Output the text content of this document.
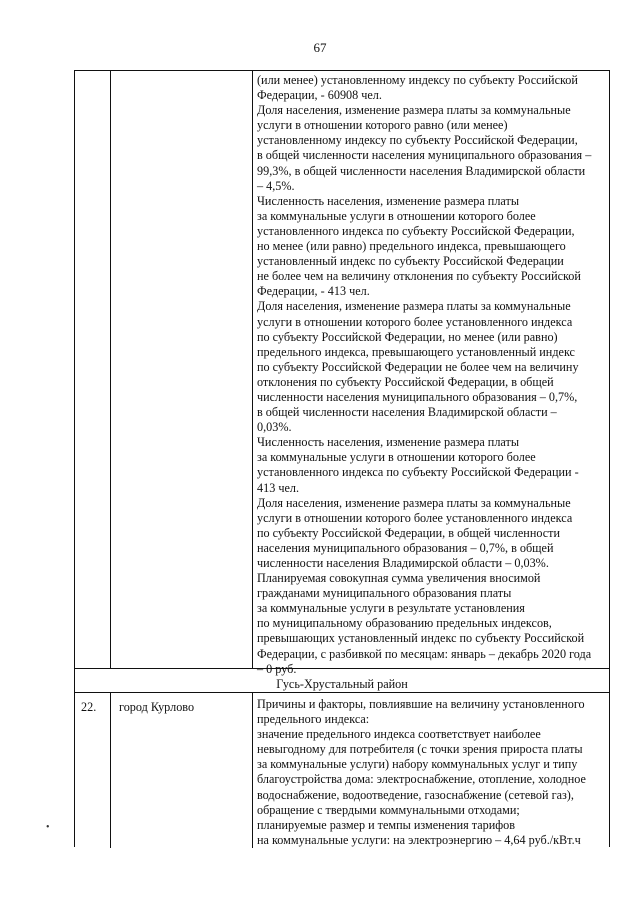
67
(или менее) установленному индексу по субъекту Российской
Федерации, - 60908 чел.
Доля населения, изменение размера платы за коммунальные
услуги в отношении которого равно (или менее)
установленному индексу по субъекту Российской Федерации,
в общей численности населения муниципального образования –
99,3%, в общей численности населения Владимирской области
– 4,5%.
Численность населения, изменение размера платы
за коммунальные услуги в отношении которого более
установленного индекса по субъекту Российской Федерации,
но менее (или равно) предельного индекса, превышающего
установленный индекс по субъекту Российской Федерации
не более чем на величину отклонения по субъекту Российской
Федерации, - 413 чел.
Доля населения, изменение размера платы за коммунальные
услуги в отношении которого более установленного индекса
по субъекту Российской Федерации, но менее (или равно)
предельного индекса, превышающего установленный индекс
по субъекту Российской Федерации не более чем на величину
отклонения по субъекту Российской Федерации, в общей
численности населения муниципального образования – 0,7%,
в общей численности населения Владимирской области –
0,03%.
Численность населения, изменение размера платы
за коммунальные услуги в отношении которого более
установленного индекса по субъекту Российской Федерации -
413 чел.
Доля населения, изменение размера платы за коммунальные
услуги в отношении которого более установленного индекса
по субъекту Российской Федерации, в общей численности
населения муниципального образования – 0,7%, в общей
численности населения Владимирской области – 0,03%.
Планируемая совокупная сумма увеличения вносимой
гражданами муниципального образования платы
за коммунальные услуги в результате установления
по муниципальному образованию предельных индексов,
превышающих установленный индекс по субъекту Российской
Федерации, с разбивкой по месяцам: январь – декабрь 2020 года
– 0 руб.
Гусь-Хрустальный район
22. город Курлово	Причины и факторы, повлиявшие на величину установленного
предельного индекса:
значение предельного индекса соответствует наиболее
невыгодному для потребителя (с точки зрения прироста платы
за коммунальные услуги) набору коммунальных услуг и типу
благоустройства дома: электроснабжение, отопление, холодное
водоснабжение, водоотведение, газоснабжение (сетевой газ),
обращение с твердыми коммунальными отходами;
планируемые размер и темпы изменения тарифов
на коммунальные услуги: на электроэнергию – 4,64 руб./кВт.ч
•
